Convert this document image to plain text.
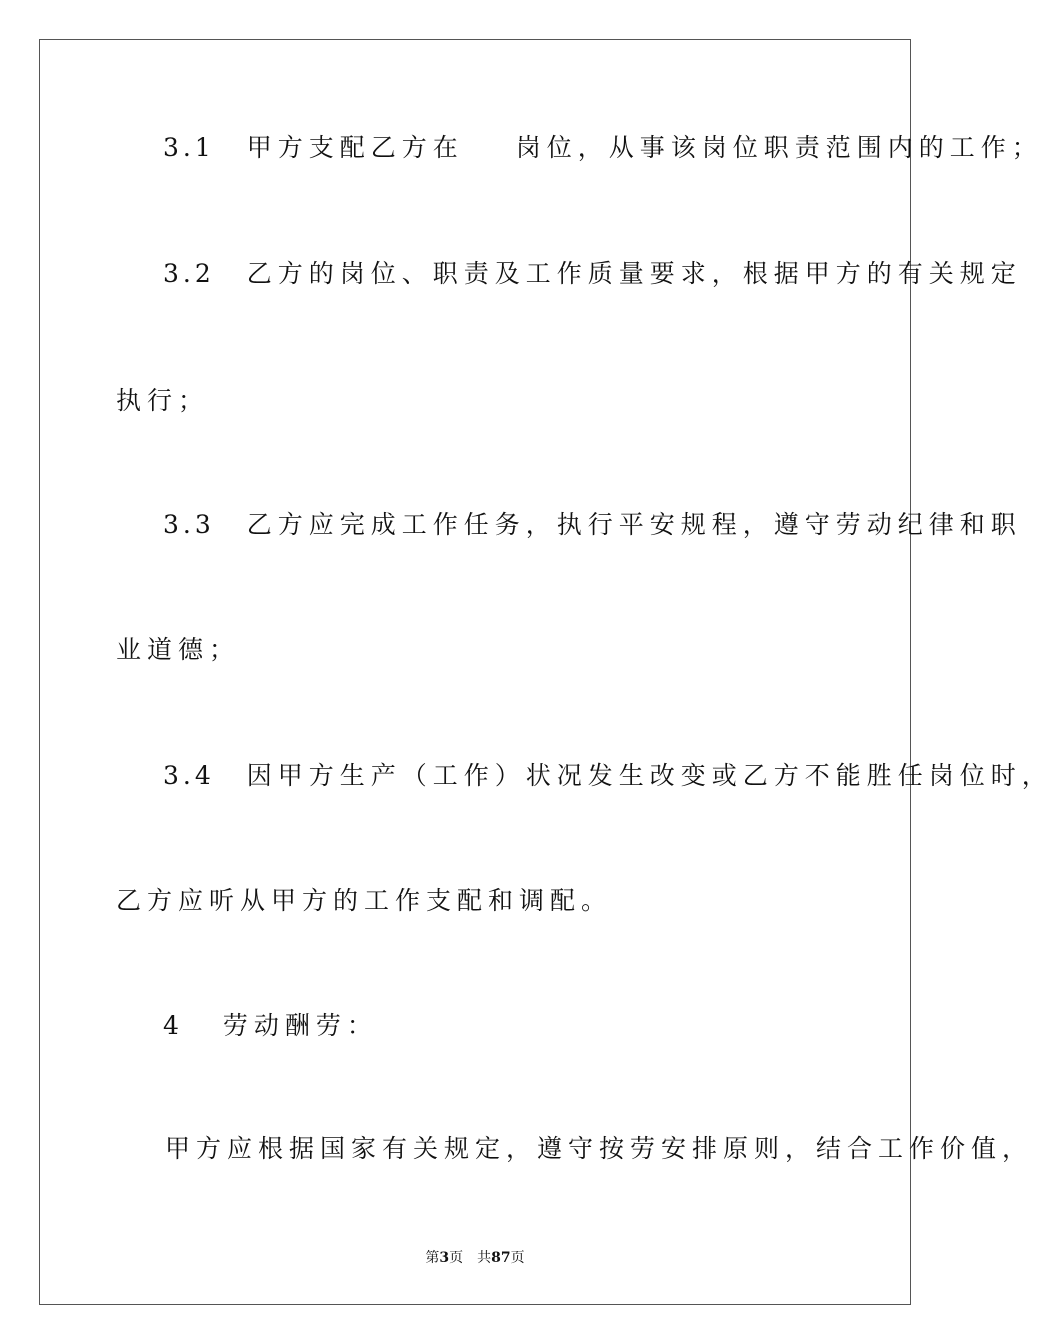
3.1 甲方支配乙方在 岗位，从事该岗位职责范围内的工作；
3.2 乙方的岗位、职责及工作质量要求，根据甲方的有关规定
执行；
3.3 乙方应完成工作任务，执行平安规程，遵守劳动纪律和职
业道德；
3.4 因甲方生产（工作）状况发生改变或乙方不能胜任岗位时，
乙方应听从甲方的工作支配和调配。
4 劳动酬劳：
甲方应根据国家有关规定，遵守按劳安排原则，结合工作价值，
第3页　共87页
